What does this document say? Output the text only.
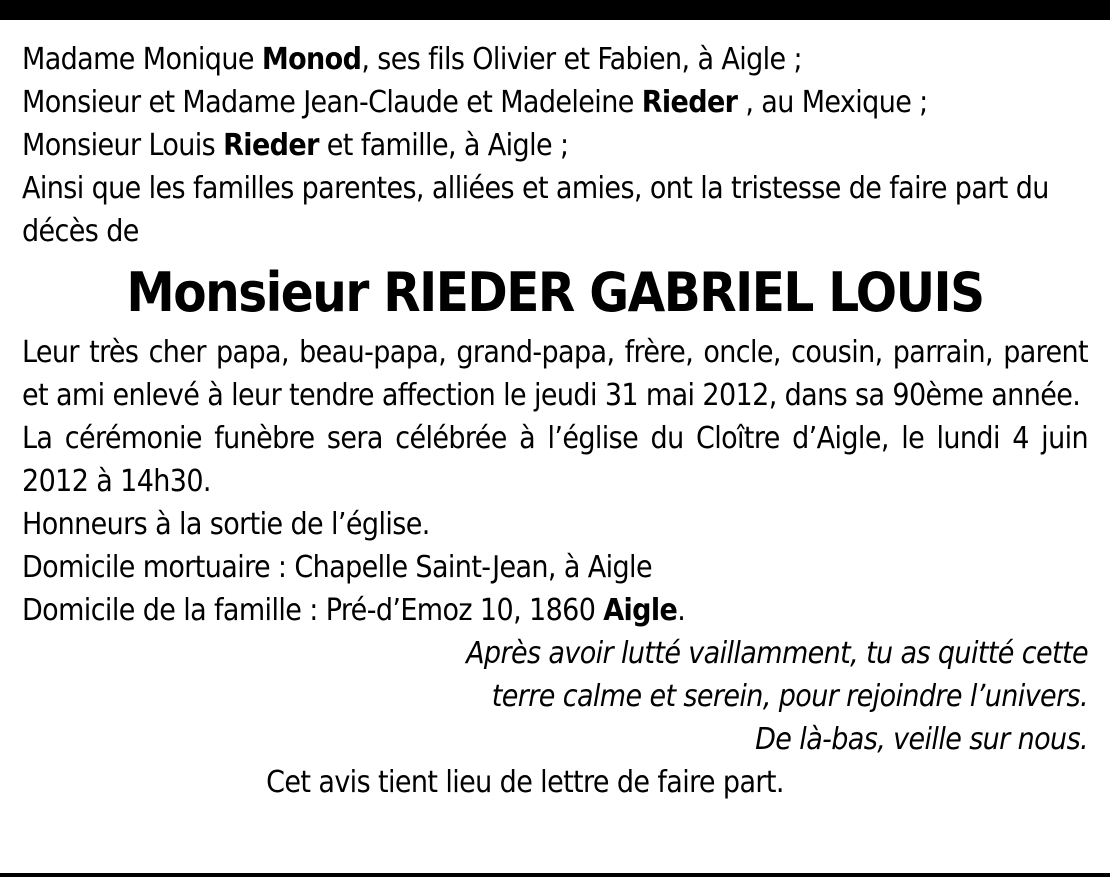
Madame Monique Monod, ses fils Olivier et Fabien, à Aigle ;
Monsieur et Madame Jean-Claude et Madeleine Rieder , au Mexique ;
Monsieur Louis Rieder et famille, à Aigle ;
Ainsi que les familles parentes, alliées et amies, ont la tristesse de faire part du décès de
Monsieur RIEDER GABRIEL LOUIS
Leur très cher papa, beau-papa, grand-papa, frère, oncle, cousin, parrain, parent et ami enlevé à leur tendre affection le jeudi 31 mai 2012, dans sa 90ème année.
La cérémonie funèbre sera célébrée à l’église du Cloître d’Aigle, le lundi 4 juin 2012 à 14h30.
Honneurs à la sortie de l’église.
Domicile mortuaire : Chapelle Saint-Jean, à Aigle
Domicile de la famille : Pré-d’Emoz 10, 1860 Aigle.
Après avoir lutté vaillamment, tu as quitté cette
terre calme et serein, pour rejoindre l’univers.
De là-bas, veille sur nous.
Cet avis tient lieu de lettre de faire part.
